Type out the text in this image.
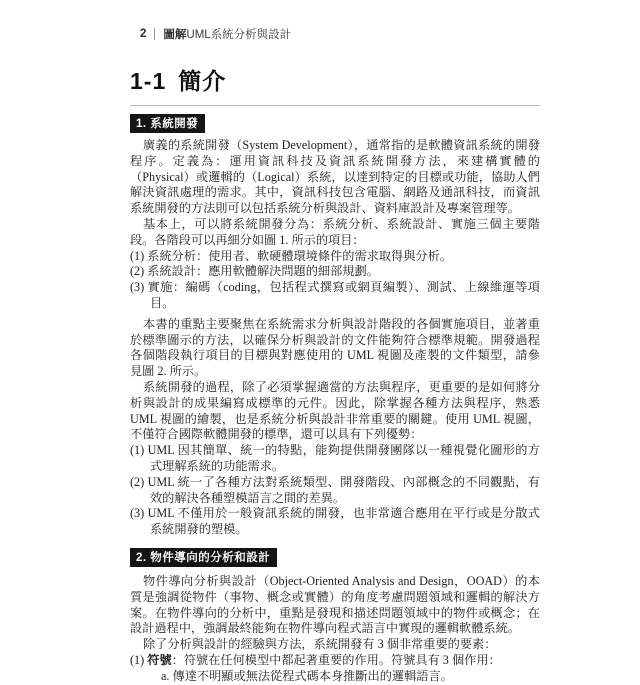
2 圖解UML系統分析與設計
1-1 簡介
1. 系統開發

廣義的系統開發（System Development），通常指的是軟體資訊系統的開發程序。定義為：運用資訊科技及資訊系統開發方法，來建構實體的（Physical）或邏輯的（Logical）系統，以達到特定的目標或功能，協助人們解決資訊處理的需求。其中，資訊科技包含電腦、網路及通訊科技，而資訊系統開發的方法則可以包括系統分析與設計、資料庫設計及專案管理等。

基本上，可以將系統開發分為：系統分析、系統設計、實施三個主要階段。各階段可以再細分如圖 1. 所示的項目：

(1) 系統分析：使用者、軟硬體環境條件的需求取得與分析。

(2) 系統設計：應用軟體解決問題的細部規劃。

(3) 實施：編碼（coding，包括程式撰寫或網頁編製）、測試、上線維運等項目。

本書的重點主要聚焦在系統需求分析與設計階段的各個實施項目，並著重於標準圖示的方法，以確保分析與設計的文件能夠符合標準規範。開發過程各個階段執行項目的目標與對應使用的 UML 視圖及產製的文件類型，請參見圖 2. 所示。

系統開發的過程，除了必須掌握適當的方法與程序，更重要的是如何將分析與設計的成果編寫成標準的元件。因此，除掌握各種方法與程序，熟悉 UML 視圖的繪製，也是系統分析與設計非常重要的關鍵。使用 UML 視圖，不僅符合國際軟體開發的標準，還可以具有下列優勢：

(1) UML 因其簡單、統一的特點，能夠提供開發團隊以一種視覺化圖形的方式理解系統的功能需求。

(2) UML 統一了各種方法對系統類型、開發階段、內部概念的不同觀點，有效的解決各種塑模語言之間的差異。

(3) UML 不僅用於一般資訊系統的開發，也非常適合應用在平行或是分散式系統開發的塑模。

2. 物件導向的分析和設計

物件導向分析與設計（Object-Oriented Analysis and Design，OOAD）的本質是強調從物件（事物、概念或實體）的角度考慮問題領域和邏輯的解決方案。在物件導向的分析中，重點是發現和描述問題領域中的物件或概念；在設計過程中，強調最終能夠在物件導向程式語言中實現的邏輯軟體系統。

除了分析與設計的經驗與方法，系統開發有 3 個非常重要的要素：

(1) 符號：符號在任何模型中都起著重要的作用。符號具有 3 個作用：

a. 傳達不明顯或無法從程式碼本身推斷出的邏輯語言。
